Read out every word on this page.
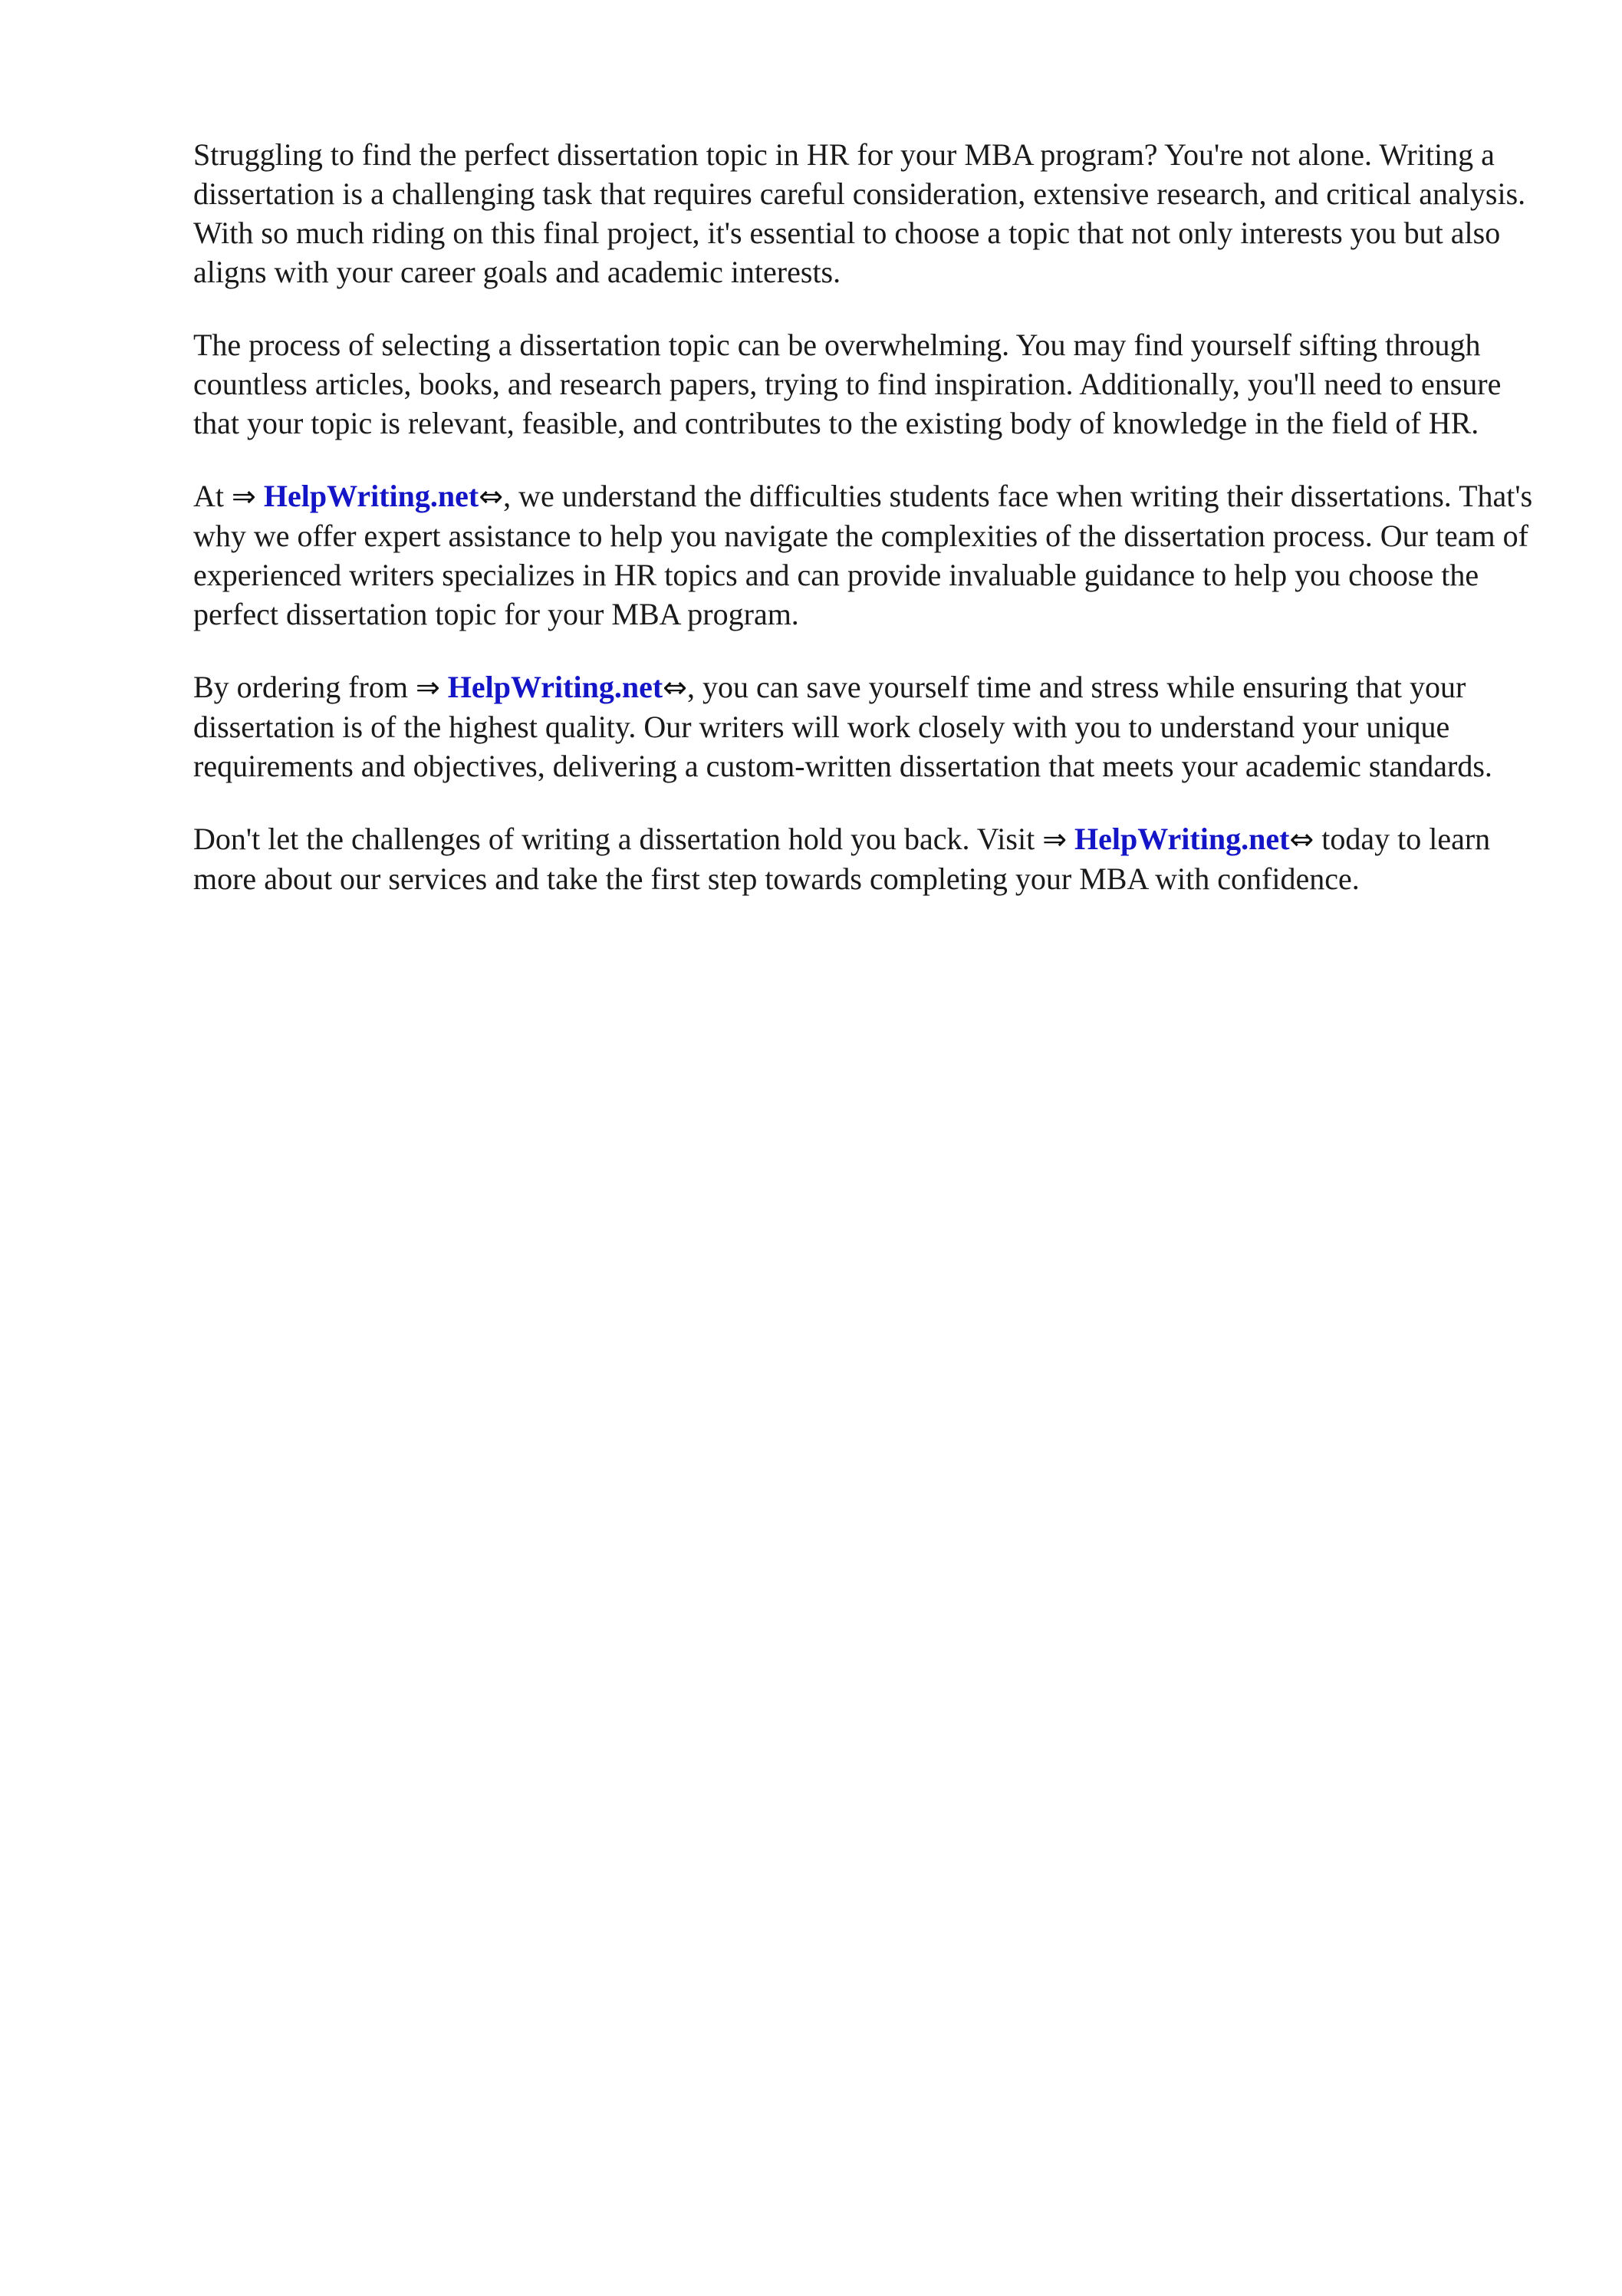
Struggling to find the perfect dissertation topic in HR for your MBA program? You're not alone. Writing a dissertation is a challenging task that requires careful consideration, extensive research, and critical analysis. With so much riding on this final project, it's essential to choose a topic that not only interests you but also aligns with your career goals and academic interests.

The process of selecting a dissertation topic can be overwhelming. You may find yourself sifting through countless articles, books, and research papers, trying to find inspiration. Additionally, you'll need to ensure that your topic is relevant, feasible, and contributes to the existing body of knowledge in the field of HR.

At ⇒ HelpWriting.net⇔, we understand the difficulties students face when writing their dissertations. That's why we offer expert assistance to help you navigate the complexities of the dissertation process. Our team of experienced writers specializes in HR topics and can provide invaluable guidance to help you choose the perfect dissertation topic for your MBA program.

By ordering from ⇒ HelpWriting.net⇔, you can save yourself time and stress while ensuring that your dissertation is of the highest quality. Our writers will work closely with you to understand your unique requirements and objectives, delivering a custom-written dissertation that meets your academic standards.

Don't let the challenges of writing a dissertation hold you back. Visit ⇒ HelpWriting.net⇔ today to learn more about our services and take the first step towards completing your MBA with confidence.
